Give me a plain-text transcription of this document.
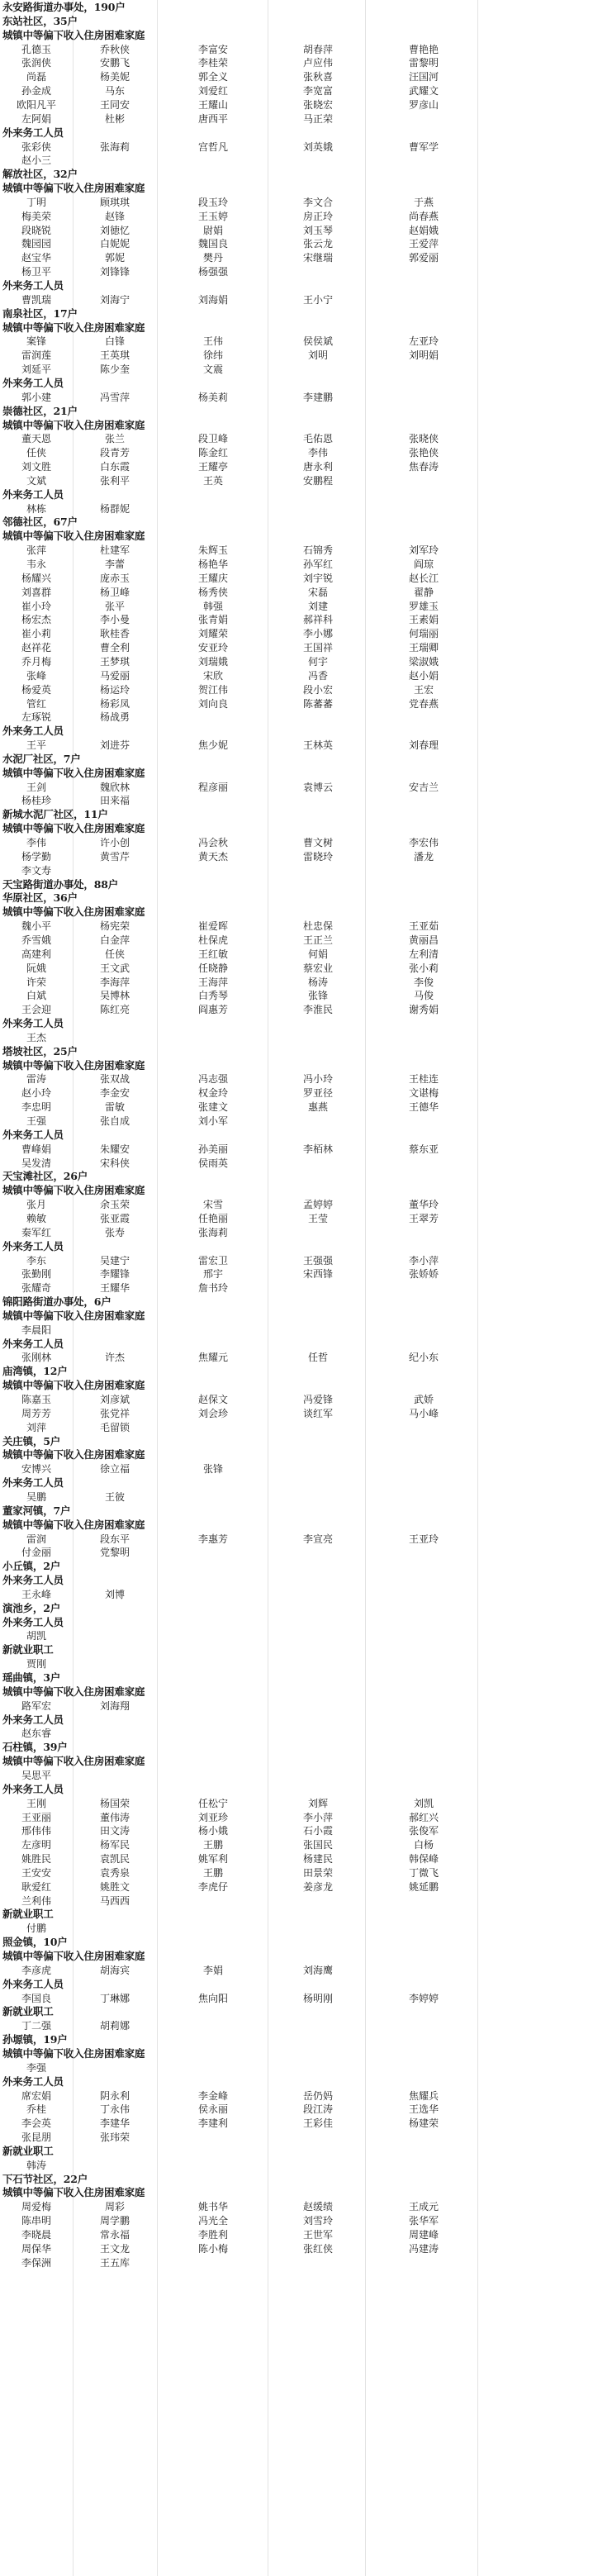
永安路街道办事处，190户
东站社区，35户
城镇中等偏下收入住房困难家庭
孔德玉	乔秋侠	李富安	胡春萍	曹艳艳
张润侠	安鹏飞	李桂荣	卢应伟	雷黎明
尚磊	杨美妮	郭全义	张秋喜	汪国河
孙金成	马东	刘爱红	李宽富	武耀文
欧阳凡平	王同安	王耀山	张晓宏	罗彦山
左阿娟	杜彬	唐西平	马正荣
外来务工人员
张彩侠	张海莉	宫哲凡	刘英娥	曹军学
赵小三
解放社区，32户
城镇中等偏下收入住房困难家庭
丁明	顾琪琪	段玉玲	李文合	于燕
梅美荣	赵锋	王玉婷	房正玲	尚春燕
段晓锐	刘徳忆	尉娟	刘玉琴	赵娟娥
魏园园	白妮妮	魏国良	张云龙	王爱萍
赵宝华	郭妮	樊丹	宋继瑞	郭爱丽
杨卫平	刘锋锋	杨强强
外来务工人员
曹凯瑞	刘海宁	刘海娟	王小宁
南泉社区，17户
城镇中等偏下收入住房困难家庭
案锋	白锋	王伟	侯侯斌	左亚玲
雷润莲	王英琪	徐纬	刘明	刘明娟
刘延平	陈少奎	文震
外来务工人员
郭小建	冯雪萍	杨美莉	李建鹏
崇德社区，21户
城镇中等偏下收入住房困难家庭
董天恩	张兰	段卫峰	毛佑恩	张晓侠
任侠	段青芳	陈金红	李伟	张艳侠
刘文胜	白东霞	王耀亭	唐永利	焦春涛
文斌	张利平	王英	安鹏程
外来务工人员
林栋	杨群妮
邻德社区，67户
城镇中等偏下收入住房困难家庭
张萍	杜建军	朱辉玉	石锦秀	刘军玲
韦永	李蕾	杨艳华	孙军红	阎琼
杨耀兴	庞赤玉	王耀庆	刘宇锐	赵长江
刘喜群	杨卫峰	杨秀侠	宋磊	翟静
崔小玲	张平	韩强	刘建	罗雄玉
杨宏杰	李小曼	张青娟	郝祥科	王素娟
崔小莉	耿桂香	刘耀荣	李小娜	何瑞丽
赵祥花	曹全利	安亚玲	王国祥	王瑞卿
乔月梅	王梦琪	刘瑞娥	何宇	梁淑娥
张峰	马爱丽	宋欣	冯香	赵小娟
杨爱英	杨运玲	贺江伟	段小宏	王宏
管红	杨彩凤	刘向良	陈蕃蕃	党春燕
左琢锐	杨战勇
外来务工人员
王平	刘进芬	焦少妮	王林英	刘春理
水泥厂社区，7户
城镇中等偏下收入住房困难家庭
王剑	魏欣林	程彦丽	袁博云	安吉兰
杨桂珍	田来福
新城水泥厂社区，11户
城镇中等偏下收入住房困难家庭
李伟	许小创	冯会秋	曹文树	李宏伟
杨学勤	黄雪芹	黄天杰	雷晓玲	潘龙
李文寿
天宝路街道办事处，88户
华原社区，36户
城镇中等偏下收入住房困难家庭
魏小平	杨宪荣	崔爱晖	杜忠保	王亚茹
乔雪娥	白金萍	杜保虎	王正兰	黄丽昌
高建利	任侠	王红敏	何娟	左利清
阮娥	王文武	任晓静	蔡宏业	张小莉
许荣	李海萍	王海萍	杨涛	李俊
白斌	吴博林	白秀琴	张锋	马俊
王会迎	陈红亮	阎惠芳	李淮民	谢秀娟
外来务工人员
王杰
塔坡社区，25户
城镇中等偏下收入住房困难家庭
雷涛	张双战	冯志强	冯小玲	王桂连
赵小玲	李金安	权金玲	罗亚径	文谌梅
李忠明	雷敏	张建文	惠燕	王德华
王强	张自成	刘小军
外来务工人员
曹峰娟	朱耀安	孙美丽	李栢林	蔡东亚
吴发清	宋科侠	侯雨英
天宝滩社区，26户
城镇中等偏下收入住房困难家庭
张月	余玉荣	宋雪	孟婷婷	董华玲
赖敏	张亚霞	任艳丽	王莹	王翠芳
秦军红	张寿	张海莉
外来务工人员
李东	吴建宁	雷宏卫	王强强	李小萍
张勤刚	李耀锋	邢宇	宋西锋	张娇娇
张耀奇	王耀华	詹书玲
锦阳路街道办事处，6户
城镇中等偏下收入住房困难家庭
李晨阳
外来务工人员
张刚林	许杰	焦耀元	任哲	纪小东
庙湾镇，12户
城镇中等偏下收入住房困难家庭
陈嘉玉	刘彦斌	赵保文	冯爱锋	武娇
周芳芳	张党祥	刘会珍	谈红军	马小峰
刘萍	毛留锁
关庄镇，5户
城镇中等偏下收入住房困难家庭
安博兴	徐立福	张锋
外来务工人员
吴鹏	王彼
董家河镇，7户
城镇中等偏下收入住房困难家庭
雷润	段东平	李惠芳	李宣亮	王亚玲
付金丽	党黎明
小丘镇，2户
外来务工人员
王永峰	刘博
演池乡，2户
外来务工人员
胡凯
新就业职工
贾刚
瑶曲镇，3户
城镇中等偏下收入住房困难家庭
路军宏	刘海翔
外来务工人员
赵东睿
石柱镇，39户
城镇中等偏下收入住房困难家庭
吴思平
外来务工人员
王刚	杨国荣	任松宁	刘辉	刘凯
王亚丽	董伟涛	刘亚珍	李小萍	郝红兴
邢伟伟	田文涛	杨小娥	石小霞	张俊军
左彦明	杨军民	王鹏	张国民	白杨
姚胜民	袁凯民	姚军利	杨建民	韩保峰
王安安	袁秀泉	王鹏	田景荣	丁微飞
耿爱红	姚胜文	李虎仔	姜彦龙	姚延鹏
兰利伟	马西西
新就业职工
付鹏
照金镇，10户
城镇中等偏下收入住房困难家庭
李彦虎	胡海宾	李娟	刘海鹰
外来务工人员
李国良	丁琳娜	焦向阳	杨明刚	李婷婷
新就业职工
丁二强	胡莉娜
孙塬镇，19户
城镇中等偏下收入住房困难家庭
李强
外来务工人员
席宏娟	阴永利	李金峰	岳仍妈	焦耀兵
乔桂	丁永伟	侯永丽	段江涛	王选华
李会英	李建华	李建利	王彩佳	杨建荣
张昆朋	张玮荣
新就业职工
韩涛
下石节社区，22户
城镇中等偏下收入住房困难家庭
周爱梅	周彩	姚书华	赵缓绩	王成元
陈串明	周学鹏	冯光全	刘雪玲	张华军
李晓晨	常永福	李胜利	王世军	周建峰
周保华	王文龙	陈小梅	张红侠	冯建涛
李保洲	王五库
